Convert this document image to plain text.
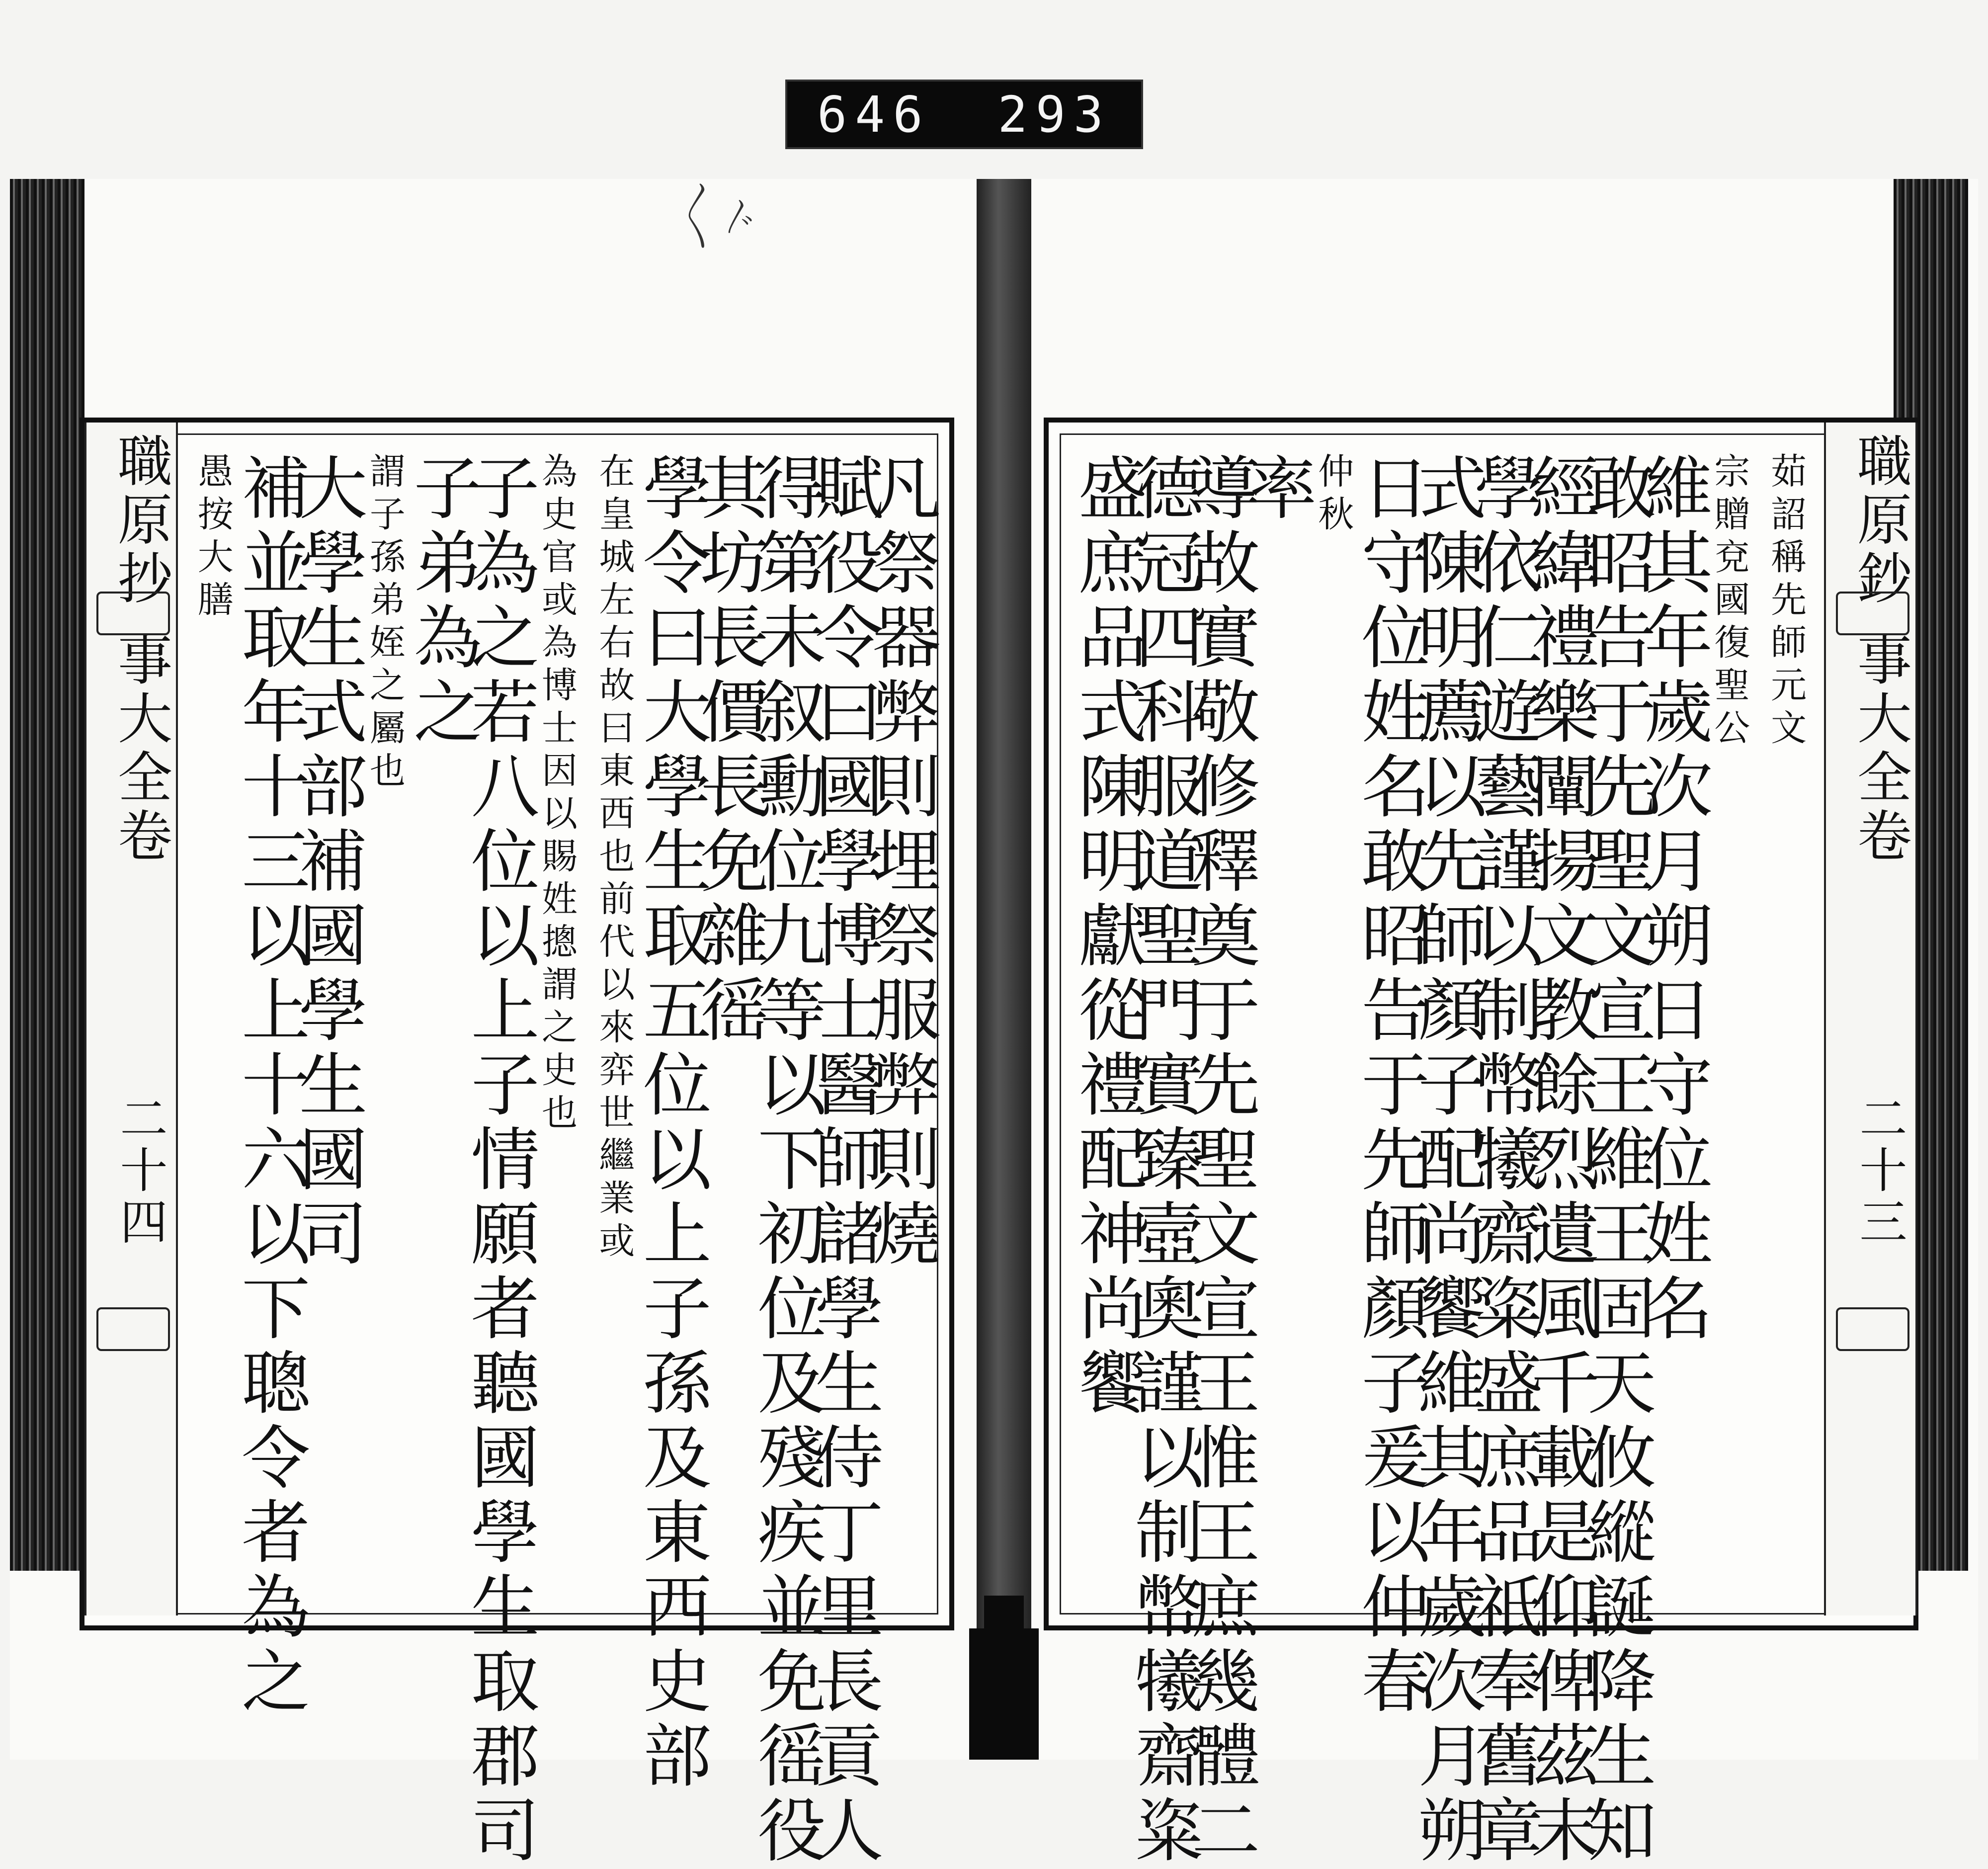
646 293
〳〵〴
職原抄
事大全卷
二十四	凡祭器弊則埋祭服弊則燒
賦役令曰國學博士醫師諸學生侍丁里長貢人
得第未叙勳位九等以下初位及殘疾並免徭役
其坊長價長免雜徭
學令曰大學生取五位以上子孫及東西史部
在皇城左右故曰東西也前代以來弈世繼業或
為史官或為博士因以賜姓摠謂之史也
子為之若八位以上子情願者聽國學生取郡司
子弟為之
謂子孫弟姪之屬也
大學生式部補國學生國司
補並取年十三以上十六以下聰令者為之
愚按大膳	職原鈔
事大全卷
二十三
茹詔稱先師元文
宗贈兗國復聖公
維其年歲次月朔日守位姓名
敢昭告于先聖文宣王維王固天攸縱誕降生知
經緯禮樂闡揚文教餘烈遺風千載是仰俾茲末
學依仁遊藝謹以制幣犧齋粢盛庶品祇奉舊章
式陳明薦以先師顏子配尚饗維其年歲次月朔
日守位姓名敢昭告于先師顏子爰以仲春
仲秋
率
導故實敬修釋奠于先聖文宣王惟王庶幾體二
德冠四科服道聖門實臻壼奧謹以制幣犧齋粢
盛庶品式陳明獻從禮配神尚饗
